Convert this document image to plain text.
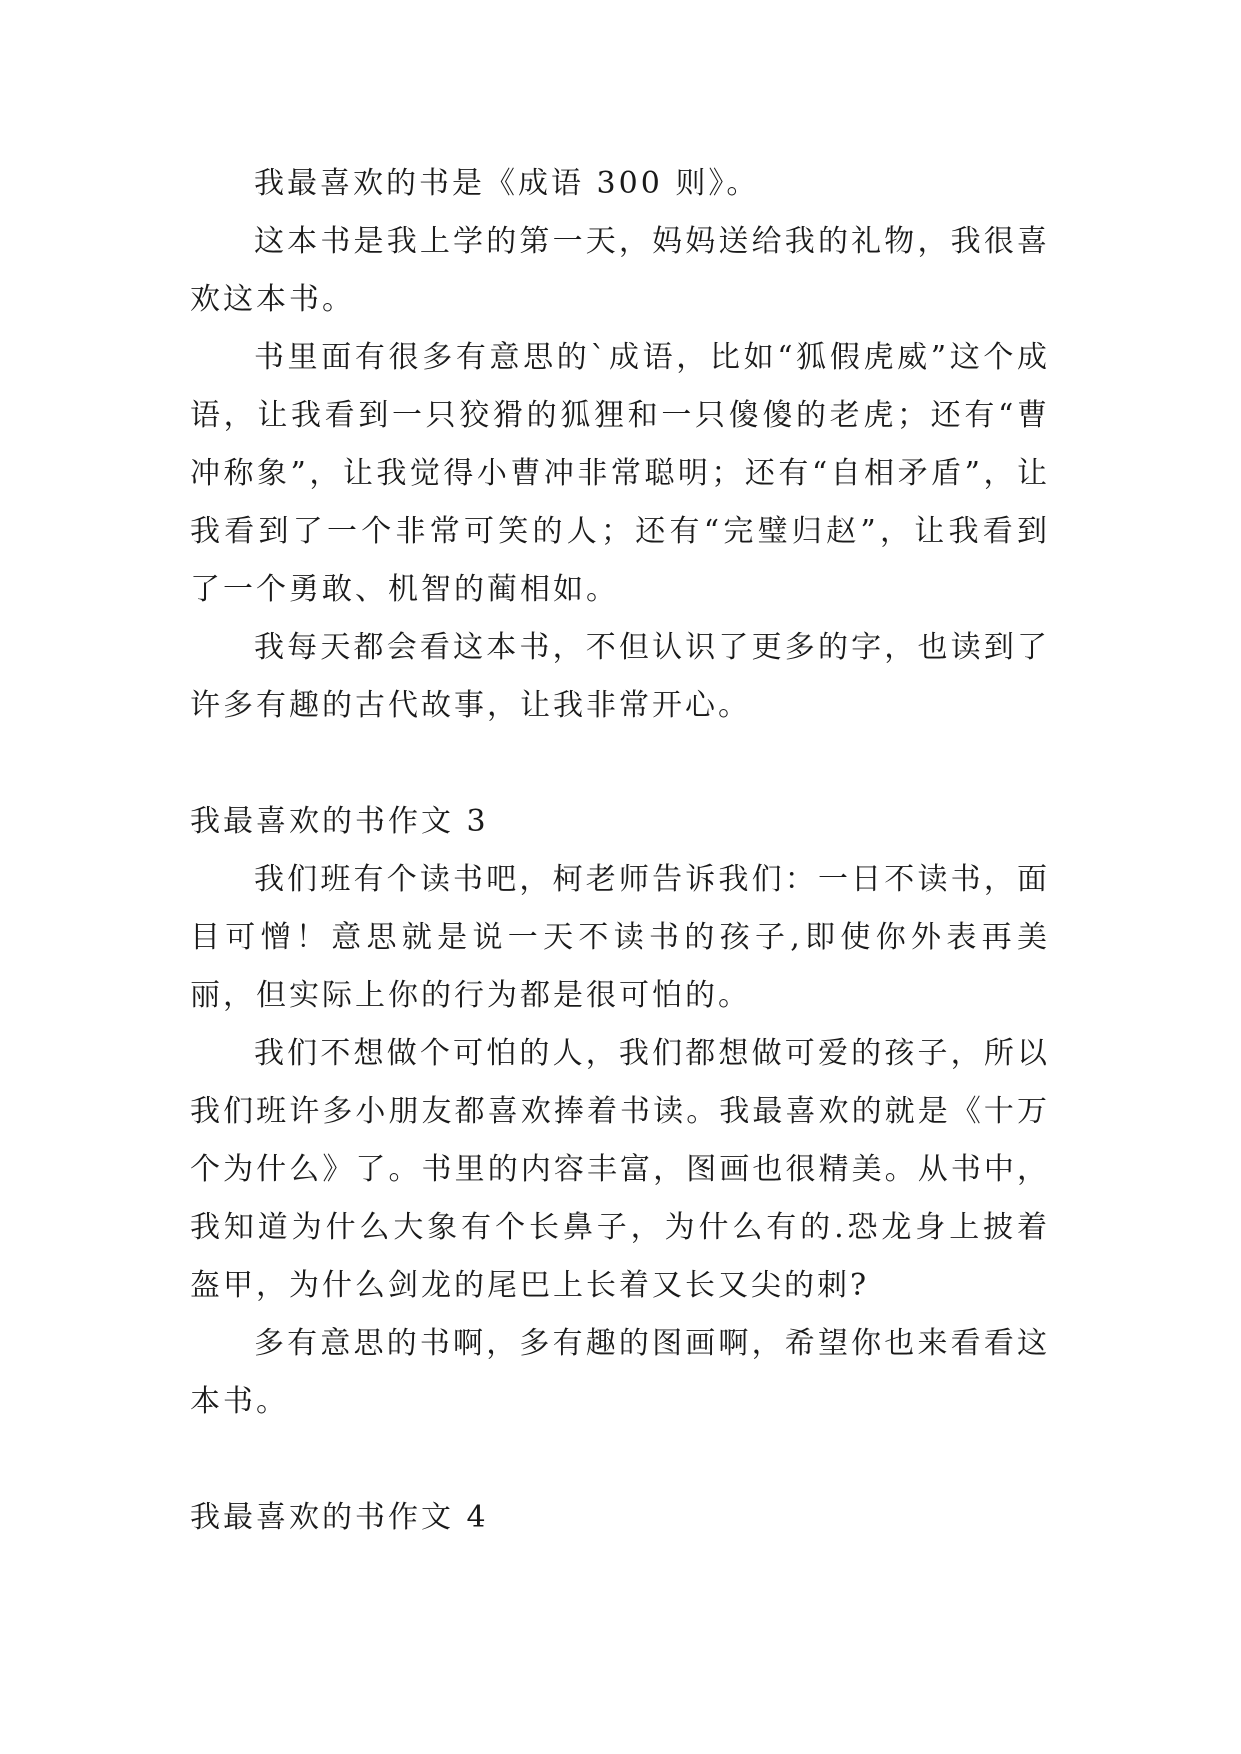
我最喜欢的书是《成语 300 则》。

这本书是我上学的第一天，妈妈送给我的礼物，我很喜欢这本书。

书里面有很多有意思的`成语，比如“狐假虎威”这个成语，让我看到一只狡猾的狐狸和一只傻傻的老虎；还有“曹冲称象”，让我觉得小曹冲非常聪明；还有“自相矛盾”，让我看到了一个非常可笑的人；还有“完璧归赵”，让我看到了一个勇敢、机智的蔺相如。

我每天都会看这本书，不但认识了更多的字，也读到了许多有趣的古代故事，让我非常开心。

我最喜欢的书作文 3

我们班有个读书吧，柯老师告诉我们：一日不读书，面目可憎！意思就是说一天不读书的孩子,即使你外表再美丽，但实际上你的行为都是很可怕的。

我们不想做个可怕的人，我们都想做可爱的孩子，所以我们班许多小朋友都喜欢捧着书读。我最喜欢的就是《十万个为什么》了。书里的内容丰富，图画也很精美。从书中，我知道为什么大象有个长鼻子，为什么有的.恐龙身上披着盔甲，为什么剑龙的尾巴上长着又长又尖的刺?

多有意思的书啊，多有趣的图画啊，希望你也来看看这本书。

我最喜欢的书作文 4
